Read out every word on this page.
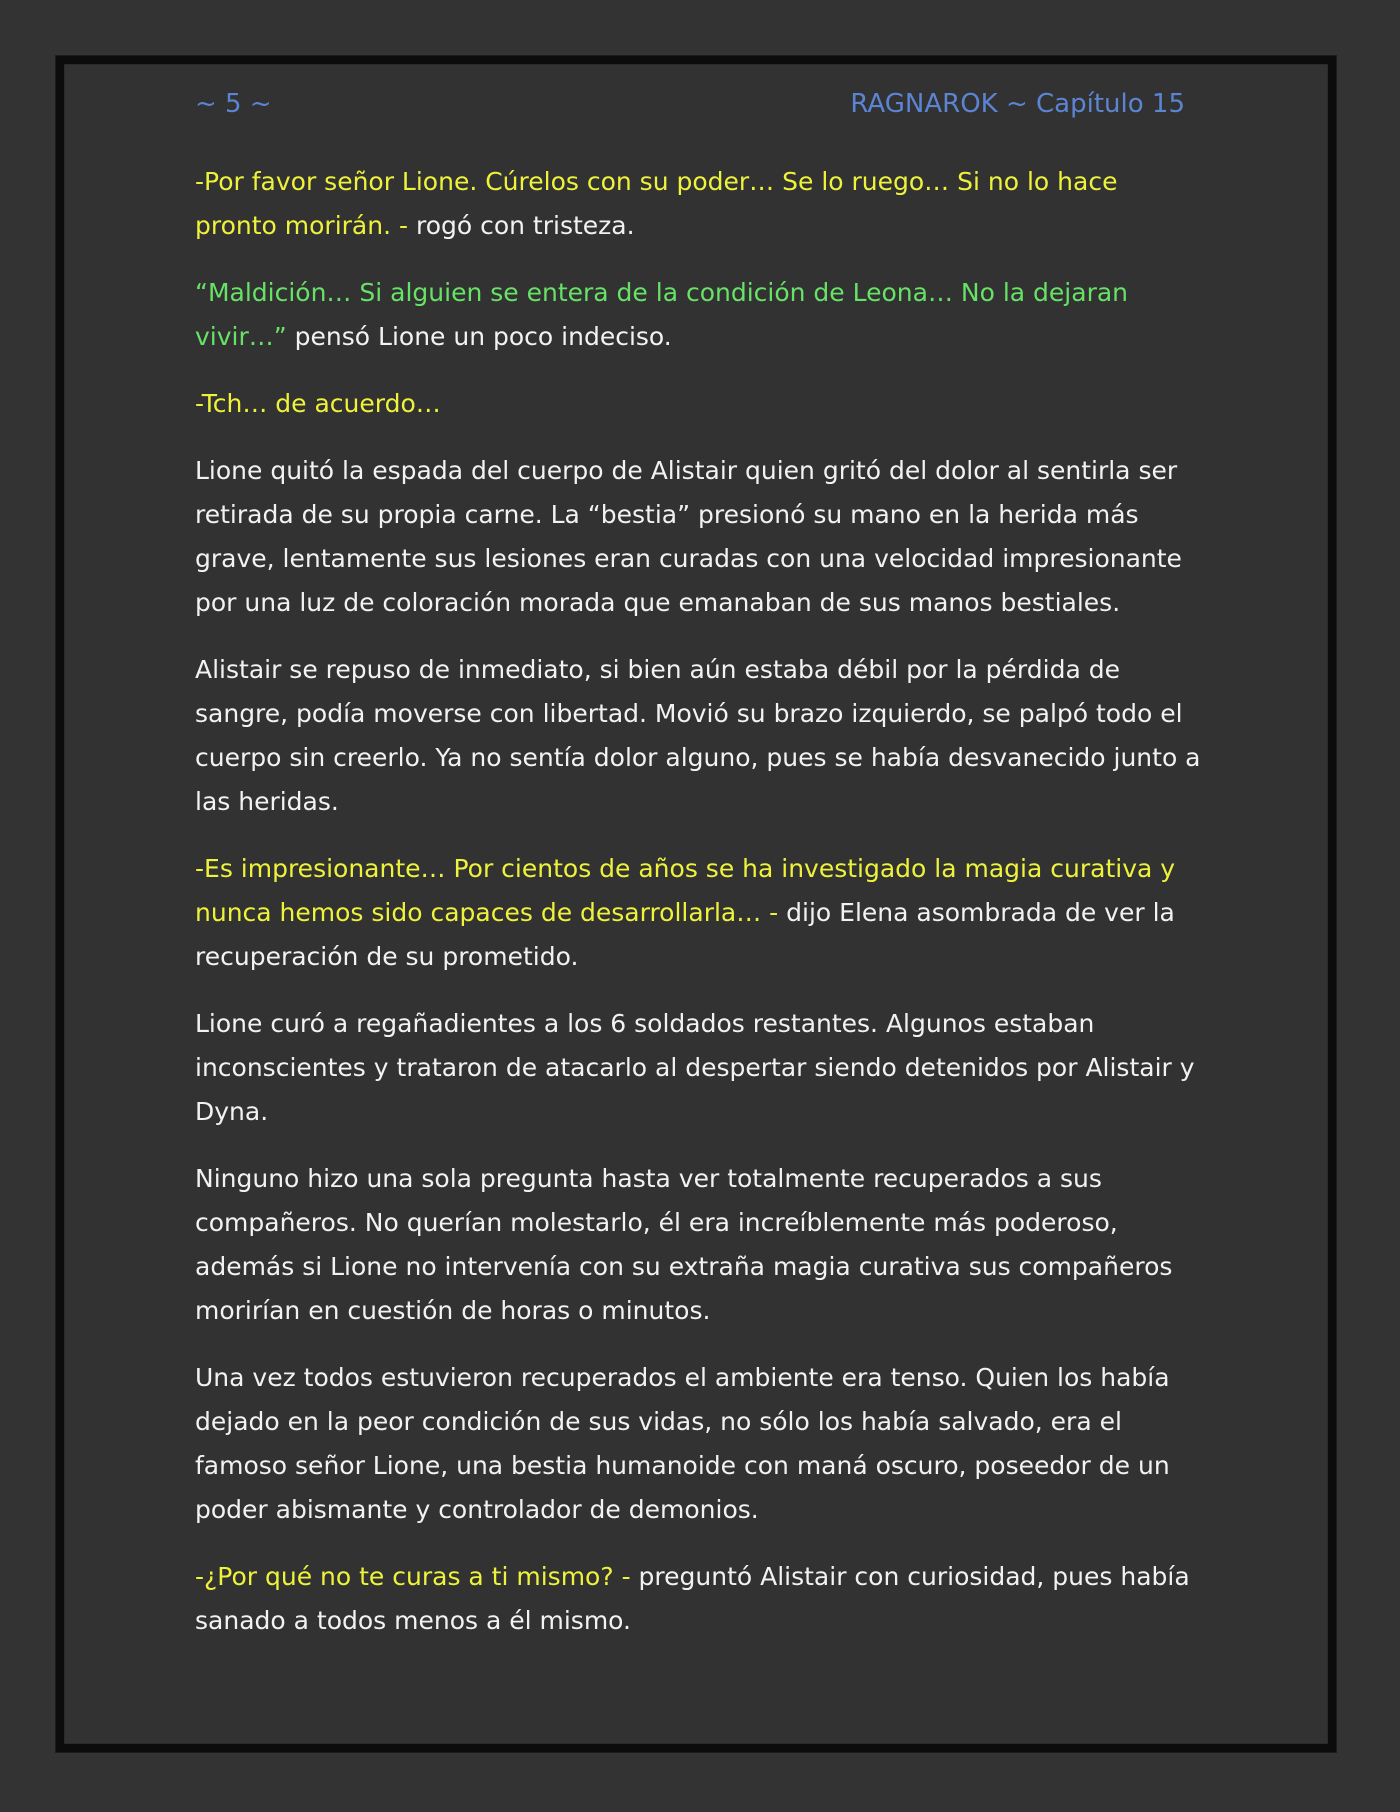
~ 5 ~	RAGNAROK ~ Capítulo 15

-Por favor señor Lione. Cúrelos con su poder… Se lo ruego… Si no lo hace pronto morirán. - rogó con tristeza.

“Maldición… Si alguien se entera de la condición de Leona… No la dejaran vivir…” pensó Lione un poco indeciso.

-Tch… de acuerdo…

Lione quitó la espada del cuerpo de Alistair quien gritó del dolor al sentirla ser retirada de su propia carne. La “bestia” presionó su mano en la herida más grave, lentamente sus lesiones eran curadas con una velocidad impresionante por una luz de coloración morada que emanaban de sus manos bestiales.

Alistair se repuso de inmediato, si bien aún estaba débil por la pérdida de sangre, podía moverse con libertad. Movió su brazo izquierdo, se palpó todo el cuerpo sin creerlo. Ya no sentía dolor alguno, pues se había desvanecido junto a las heridas.

-Es impresionante… Por cientos de años se ha investigado la magia curativa y nunca hemos sido capaces de desarrollarla… - dijo Elena asombrada de ver la recuperación de su prometido.

Lione curó a regañadientes a los 6 soldados restantes. Algunos estaban inconscientes y trataron de atacarlo al despertar siendo detenidos por Alistair y Dyna.

Ninguno hizo una sola pregunta hasta ver totalmente recuperados a sus compañeros. No querían molestarlo, él era increíblemente más poderoso, además si Lione no intervenía con su extraña magia curativa sus compañeros morirían en cuestión de horas o minutos.

Una vez todos estuvieron recuperados el ambiente era tenso. Quien los había dejado en la peor condición de sus vidas, no sólo los había salvado, era el famoso señor Lione, una bestia humanoide con maná oscuro, poseedor de un poder abismante y controlador de demonios.

-¿Por qué no te curas a ti mismo? - preguntó Alistair con curiosidad, pues había sanado a todos menos a él mismo.
